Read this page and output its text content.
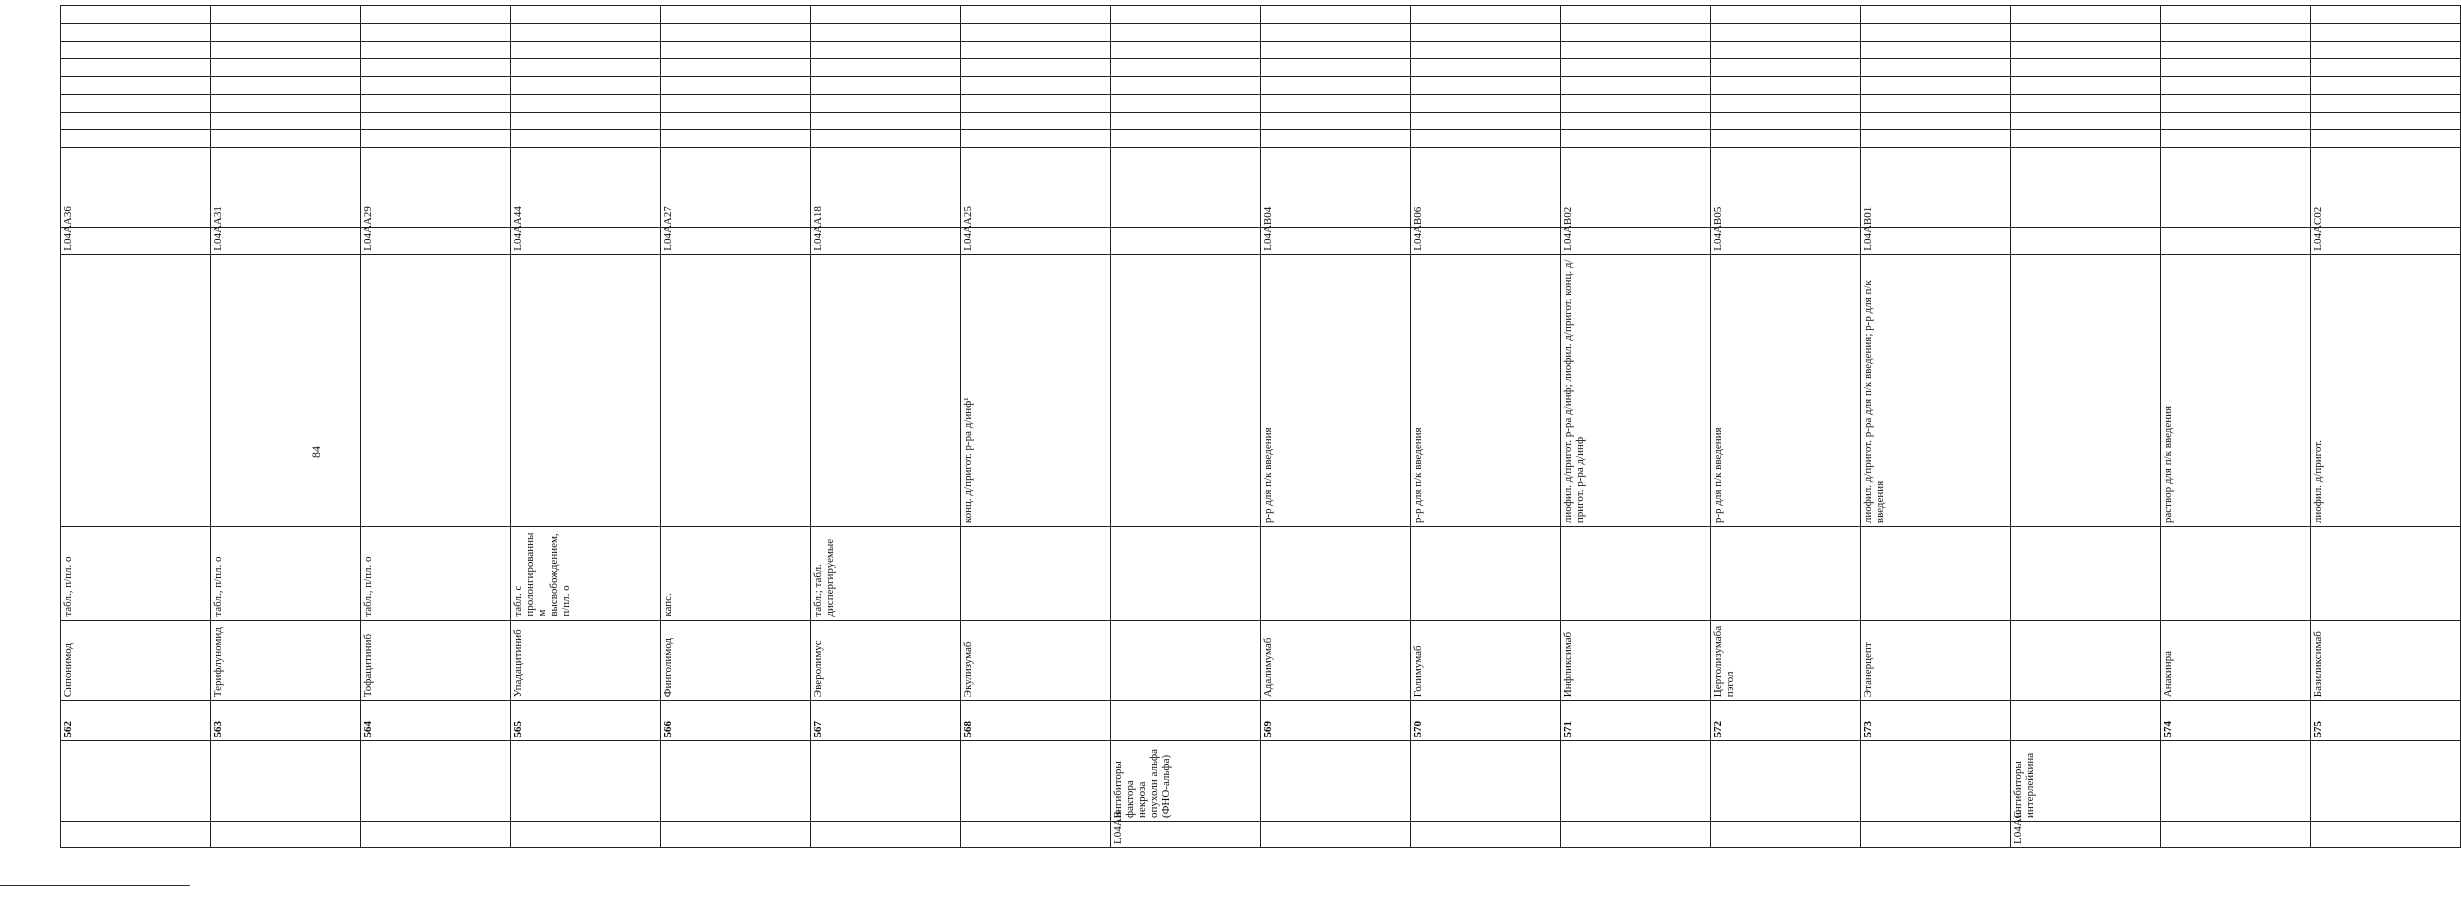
84
		562	Сипонимод	табл., п/пл. о		L04AA36									
		563	Терифлуномид	табл., п/пл. о		L04AA31									
		564	Тофацитиниб	табл., п/пл. о		L04AA29									
		565	Упадацитиниб	табл. с пролонгированным высвобождением, п/пл. о		L04AA44									
		566	Финголимод	капс.		L04AA27									
		567	Эверолимус	табл.; табл. диспергируемые		L04AA18									
		568	Экулизумаб		конц. д/пригот. р-ра д/инф¹	L04AA25									
L04AB	ингибиторы фактора некроза опухоли альфа (ФНО-альфа)														
		569	Адалимумаб		р-р для п/к введения	L04AB04									
		570	Голимумаб		р-р для п/к введения	L04AB06									
		571	Инфликсимаб		лиофил. д/пригот. р-ра д/инф; лиофил. д/пригот. конц. д/пригот. р-ра д/инф	L04AB02									
		572	Цертолизумаба пэгол		р-р для п/к введения	L04AB05									
		573	Этанерцепт		лиофил. д/пригот. р-ра для п/к введения; р-р для п/к введения	L04AB01									
L04AC	ингибиторы интерлейкина														
		574	Анакинра		раствор для п/к введения										
		575	Базиликсимаб		лиофил. д/пригот.	L04AC02									
